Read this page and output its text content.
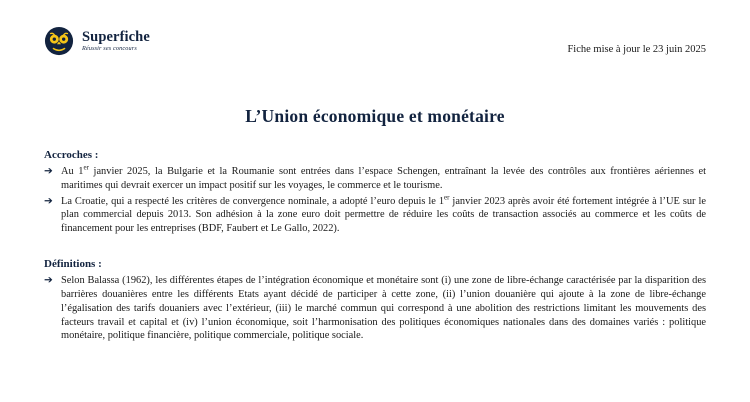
Superfiche
Réussir ses concours	Fiche mise à jour le 23 juin 2025
L’Union économique et monétaire
Accroches :
➔ Au 1er janvier 2025, la Bulgarie et la Roumanie sont entrées dans l’espace Schengen, entraînant la levée des contrôles aux frontières aériennes et maritimes qui devrait exercer un impact positif sur les voyages, le commerce et le tourisme.
➔ La Croatie, qui a respecté les critères de convergence nominale, a adopté l’euro depuis le 1er janvier 2023 après avoir été fortement intégrée à l’UE sur le plan commercial depuis 2013. Son adhésion à la zone euro doit permettre de réduire les coûts de transaction associés au commerce et les coûts de financement pour les entreprises (BDF, Faubert et Le Gallo, 2022).
Définitions :
➔ Selon Balassa (1962), les différentes étapes de l’intégration économique et monétaire sont (i) une zone de libre-échange caractérisée par la disparition des barrières douanières entre les différents Etats ayant décidé de participer à cette zone, (ii) l’union douanière qui ajoute à la zone de libre-échange l’égalisation des tarifs douaniers avec l’extérieur, (iii) le marché commun qui correspond à une abolition des restrictions limitant les mouvements des facteurs travail et capital et (iv) l’union économique, soit l’harmonisation des politiques économiques nationales dans des domaines variés : politique monétaire, politique financière, politique commerciale, politique sociale.
